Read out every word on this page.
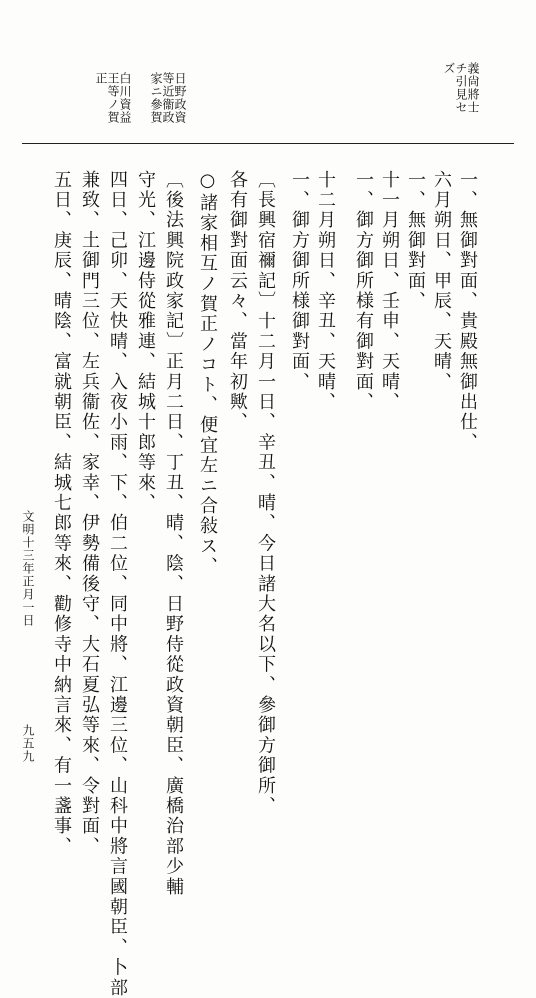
義尙將士
チ引見セ
ズ
日野政資
等近衞政
家ニ參賀
白川資益
王等ノ賀
正
一、無御對面、貴殿無御出仕、
六月朔日、甲辰、天晴、
一、無御對面、
十一月朔日、壬申、天晴、
一、御方御所様有御對面、
十二月朔日、辛丑、天晴、
一、御方御所様御對面、
〔長興宿禰記〕十二月一日、辛丑、晴、今日諸大名以下、參御方御所、
各有御對面云々、當年初歟、
○諸家相互ノ賀正ノコト、便宜左ニ合敍ス、
〔後法興院政家記〕正月二日、丁丑、晴、陰、日野侍從政資朝臣、廣橋治部少輔
守光、江邊侍從雅連、結城十郎等來、
四日、己卯、天快晴、入夜小雨、下、伯二位、同中將、江邊三位、山科中將言國朝臣、卜部
兼致、土御門三位、左兵衞佐、家幸、伊勢備後守、大石夏弘等來、令對面、
五日、庚辰、晴陰、富就朝臣、結城七郎等來、勸修寺中納言來、有一盞事、
文明十三年正月一日
九五九
